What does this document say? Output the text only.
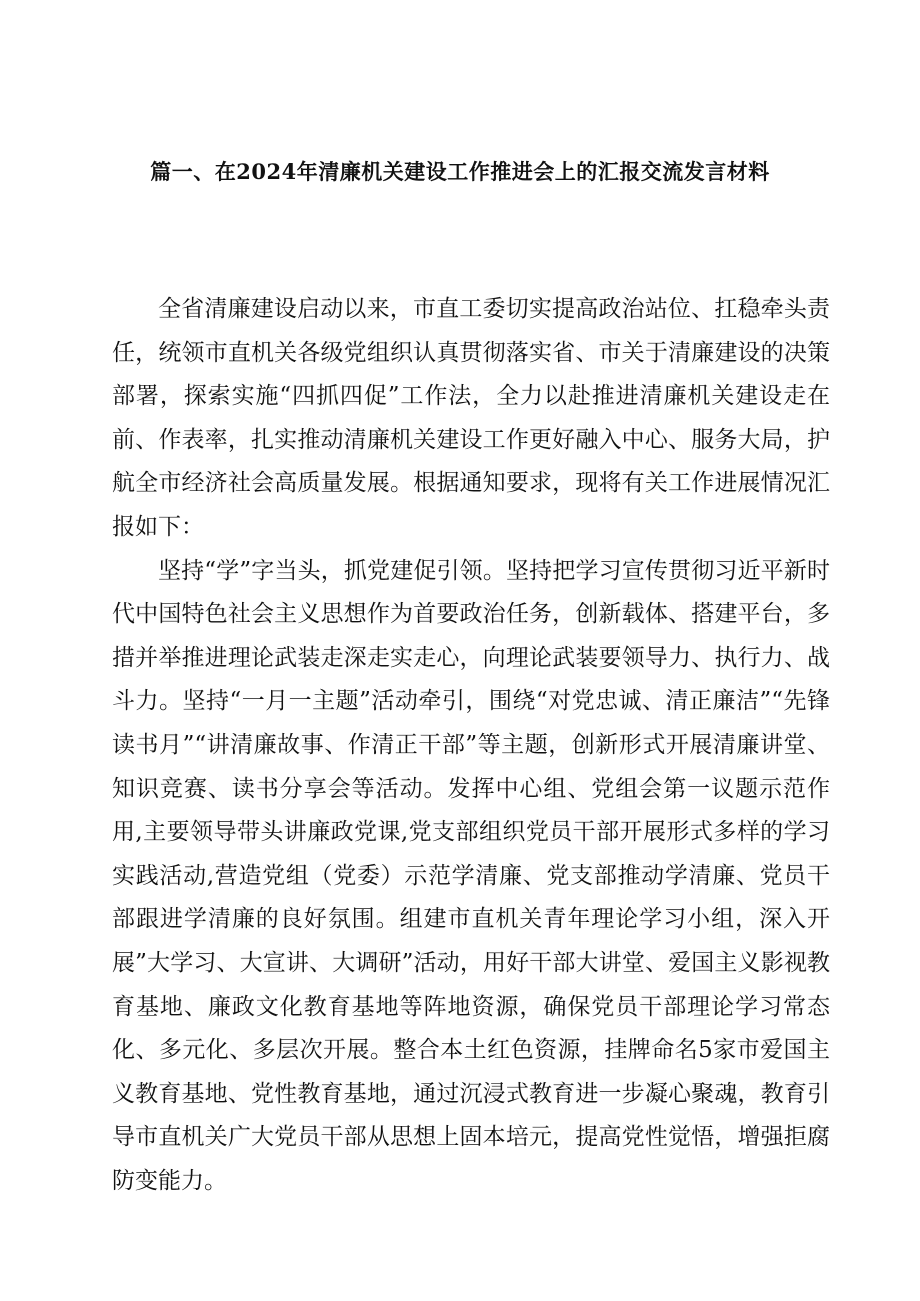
篇一、在2024年清廉机关建设工作推进会上的汇报交流发言材料

全省清廉建设启动以来，市直工委切实提高政治站位、扛稳牵头责任，统领市直机关各级党组织认真贯彻落实省、市关于清廉建设的决策部署，探索实施“四抓四促”工作法，全力以赴推进清廉机关建设走在前、作表率，扎实推动清廉机关建设工作更好融入中心、服务大局，护航全市经济社会高质量发展。根据通知要求，现将有关工作进展情况汇报如下：

坚持“学”字当头，抓党建促引领。坚持把学习宣传贯彻习近平新时代中国特色社会主义思想作为首要政治任务，创新载体、搭建平台，多措并举推进理论武装走深走实走心，向理论武装要领导力、执行力、战斗力。坚持“一月一主题”活动牵引，围绕“对党忠诚、清正廉洁”“先锋读书月”“讲清廉故事、作清正干部”等主题，创新形式开展清廉讲堂、知识竞赛、读书分享会等活动。发挥中心组、党组会第一议题示范作用,主要领导带头讲廉政党课,党支部组织党员干部开展形式多样的学习实践活动,营造党组（党委）示范学清廉、党支部推动学清廉、党员干部跟进学清廉的良好氛围。组建市直机关青年理论学习小组，深入开展”大学习、大宣讲、大调研”活动，用好干部大讲堂、爱国主义影视教育基地、廉政文化教育基地等阵地资源，确保党员干部理论学习常态化、多元化、多层次开展。整合本土红色资源，挂牌命名5家市爱国主义教育基地、党性教育基地，通过沉浸式教育进一步凝心聚魂，教育引导市直机关广大党员干部从思想上固本培元，提高党性觉悟，增强拒腐防变能力。
